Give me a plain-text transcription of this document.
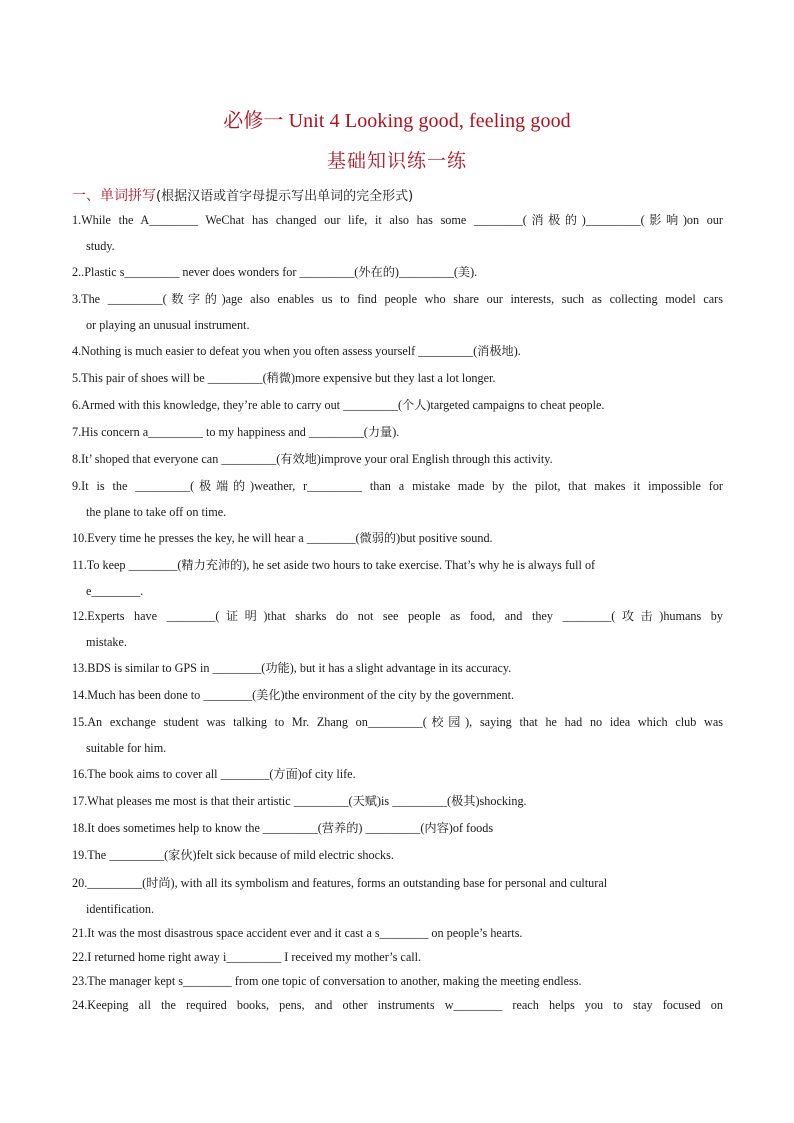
必修一 Unit 4 Looking good, feeling good
基础知识练一练
一、单词拼写(根据汉语或首字母提示写出单词的完全形式)
1.While the A________ WeChat has changed our life, it also has some ________(消极的)_________(影响)on our
study.
2..Plastic s_________ never does wonders for _________(外在的)_________(美).
3.The _________(数字的)age also enables us to find people who share our interests, such as collecting model cars
or playing an unusual instrument.
4.Nothing is much easier to defeat you when you often assess yourself _________(消极地).
5.This pair of shoes will be _________(稍微)more expensive but they last a lot longer.
6.Armed with this knowledge, they’re able to carry out _________(个人)targeted campaigns to cheat people.
7.His concern a_________ to my happiness and _________(力量).
8.It’ shoped that everyone can _________(有效地)improve your oral English through this activity.
9.It is the _________(极端的)weather, r_________ than a mistake made by the pilot, that makes it impossible for
the plane to take off on time.
10.Every time he presses the key, he will hear a ________(微弱的)but positive sound.
11.To keep ________(精力充沛的), he set aside two hours to take exercise. That’s why he is always full of
e________.
12.Experts have ________(证明)that sharks do not see people as food, and they ________(攻击)humans by
mistake.
13.BDS is similar to GPS in ________(功能), but it has a slight advantage in its accuracy.
14.Much has been done to ________(美化)the environment of the city by the government.
15.An exchange student was talking to Mr. Zhang on_________(校园), saying that he had no idea which club was
suitable for him.
16.The book aims to cover all ________(方面)of city life.
17.What pleases me most is that their artistic _________(天赋)is _________(极其)shocking.
18.It does sometimes help to know the _________(营养的) _________(内容)of foods
19.The _________(家伙)felt sick because of mild electric shocks.
20._________(时尚), with all its symbolism and features, forms an outstanding base for personal and cultural
identification.
21.It was the most disastrous space accident ever and it cast a s________ on people’s hearts.
22.I returned home right away i_________ I received my mother’s call.
23.The manager kept s________ from one topic of conversation to another, making the meeting endless.
24.Keeping all the required books, pens, and other instruments w________ reach helps you to stay focused on
